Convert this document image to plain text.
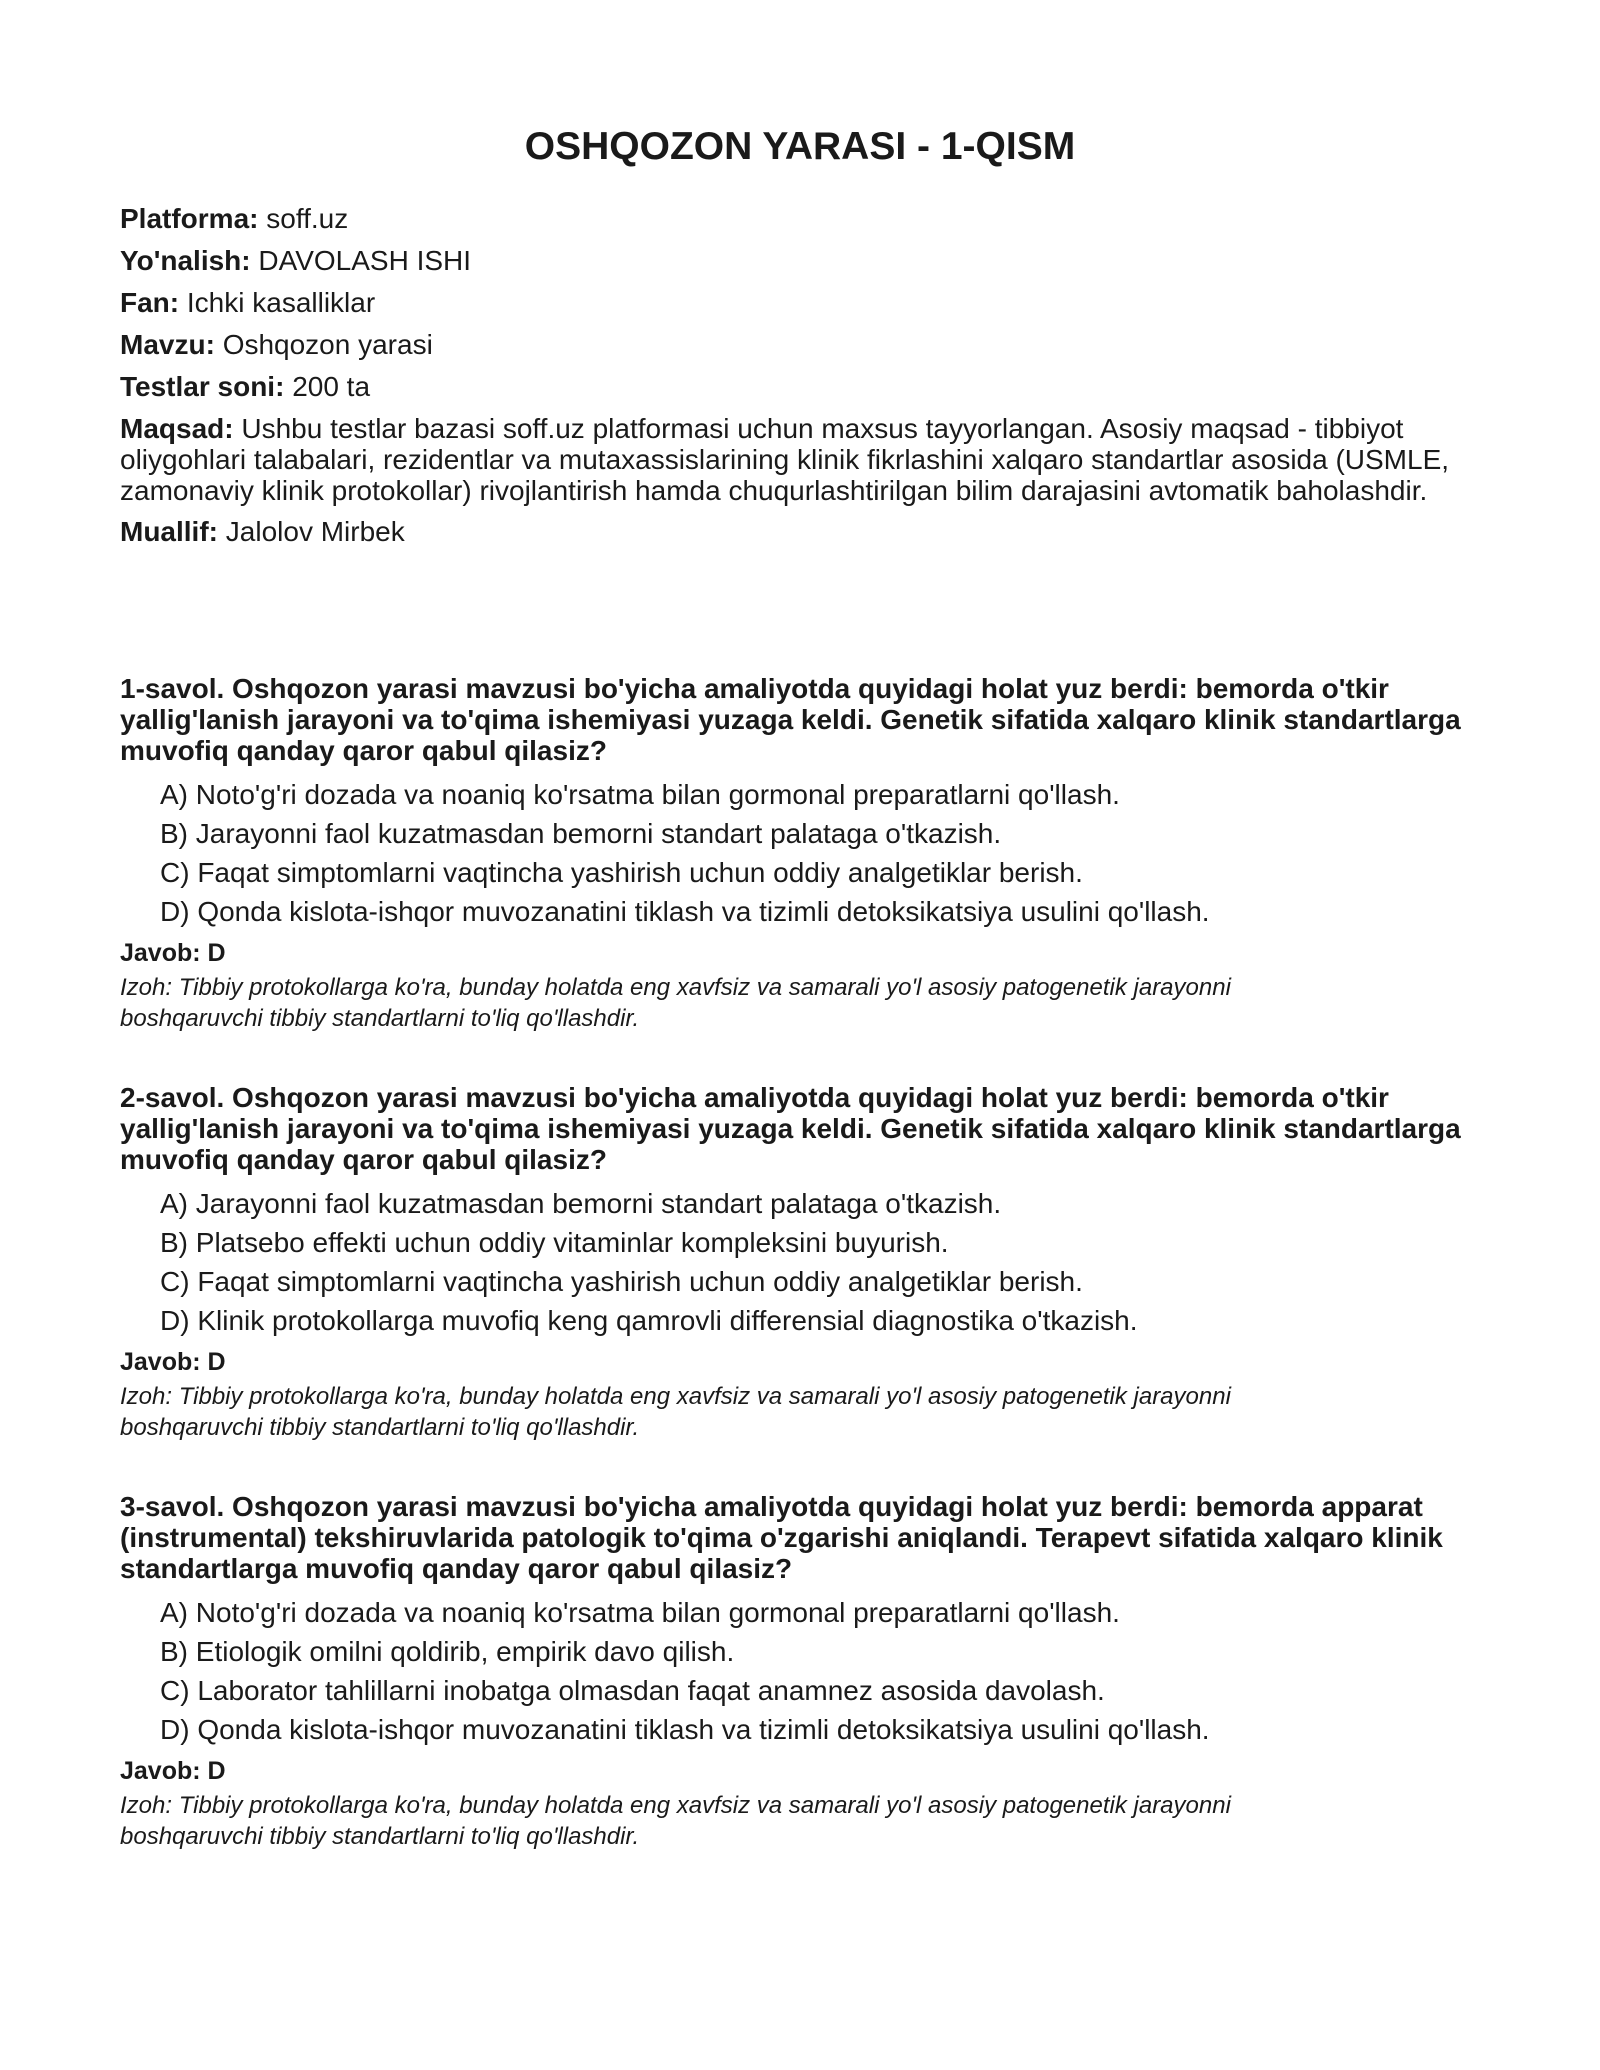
OSHQOZON YARASI - 1-QISM

Platforma: soff.uz

Yo'nalish: DAVOLASH ISHI

Fan: Ichki kasalliklar

Mavzu: Oshqozon yarasi

Testlar soni: 200 ta

Maqsad: Ushbu testlar bazasi soff.uz platformasi uchun maxsus tayyorlangan. Asosiy maqsad - tibbiyot oliygohlari talabalari, rezidentlar va mutaxassislarining klinik fikrlashini xalqaro standartlar asosida (USMLE, zamonaviy klinik protokollar) rivojlantirish hamda chuqurlashtirilgan bilim darajasini avtomatik baholashdir.

Muallif: Jalolov Mirbek

1-savol. Oshqozon yarasi mavzusi bo'yicha amaliyotda quyidagi holat yuz berdi: bemorda o'tkir yallig'lanish jarayoni va to'qima ishemiyasi yuzaga keldi. Genetik sifatida xalqaro klinik standartlarga muvofiq qanday qaror qabul qilasiz?

A) Noto'g'ri dozada va noaniq ko'rsatma bilan gormonal preparatlarni qo'llash.
B) Jarayonni faol kuzatmasdan bemorni standart palataga o'tkazish.
C) Faqat simptomlarni vaqtincha yashirish uchun oddiy analgetiklar berish.
D) Qonda kislota-ishqor muvozanatini tiklash va tizimli detoksikatsiya usulini qo'llash.

Javob: D

Izoh: Tibbiy protokollarga ko'ra, bunday holatda eng xavfsiz va samarali yo'l asosiy patogenetik jarayonni boshqaruvchi tibbiy standartlarni to'liq qo'llashdir.

2-savol. Oshqozon yarasi mavzusi bo'yicha amaliyotda quyidagi holat yuz berdi: bemorda o'tkir yallig'lanish jarayoni va to'qima ishemiyasi yuzaga keldi. Genetik sifatida xalqaro klinik standartlarga muvofiq qanday qaror qabul qilasiz?

A) Jarayonni faol kuzatmasdan bemorni standart palataga o'tkazish.
B) Platsebo effekti uchun oddiy vitaminlar kompleksini buyurish.
C) Faqat simptomlarni vaqtincha yashirish uchun oddiy analgetiklar berish.
D) Klinik protokollarga muvofiq keng qamrovli differensial diagnostika o'tkazish.

Javob: D

Izoh: Tibbiy protokollarga ko'ra, bunday holatda eng xavfsiz va samarali yo'l asosiy patogenetik jarayonni boshqaruvchi tibbiy standartlarni to'liq qo'llashdir.

3-savol. Oshqozon yarasi mavzusi bo'yicha amaliyotda quyidagi holat yuz berdi: bemorda apparat (instrumental) tekshiruvlarida patologik to'qima o'zgarishi aniqlandi. Terapevt sifatida xalqaro klinik standartlarga muvofiq qanday qaror qabul qilasiz?

A) Noto'g'ri dozada va noaniq ko'rsatma bilan gormonal preparatlarni qo'llash.
B) Etiologik omilni qoldirib, empirik davo qilish.
C) Laborator tahlillarni inobatga olmasdan faqat anamnez asosida davolash.
D) Qonda kislota-ishqor muvozanatini tiklash va tizimli detoksikatsiya usulini qo'llash.

Javob: D

Izoh: Tibbiy protokollarga ko'ra, bunday holatda eng xavfsiz va samarali yo'l asosiy patogenetik jarayonni boshqaruvchi tibbiy standartlarni to'liq qo'llashdir.
